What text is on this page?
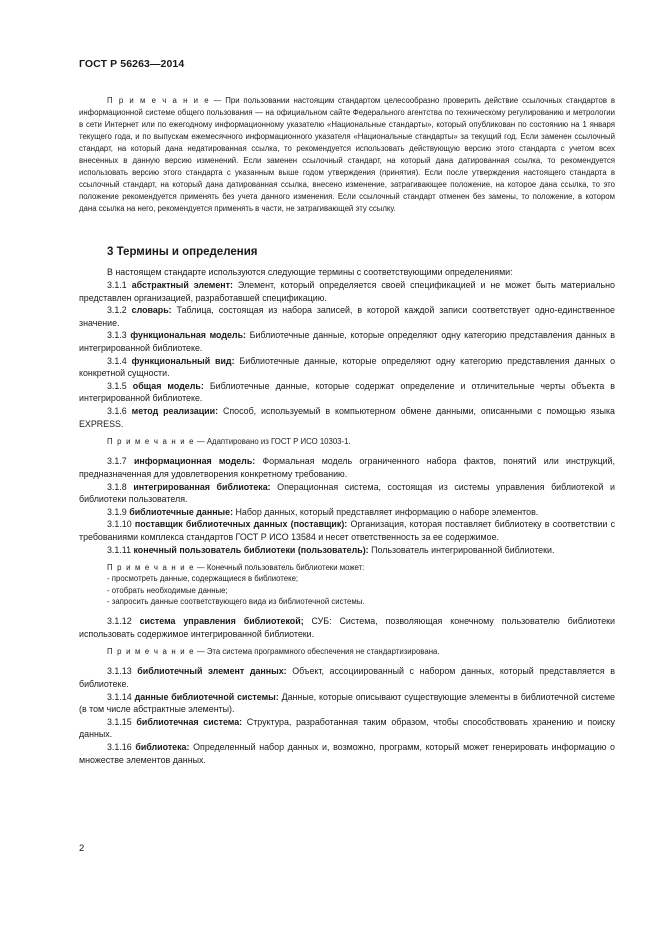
ГОСТ Р 56263—2014

П р и м е ч а н и е — При пользовании настоящим стандартом целесообразно проверить действие ссылочных стандартов в информационной системе общего пользования — на официальном сайте Федерального агентства по техническому регулированию и метрологии в сети Интернет или по ежегодному информационному указателю «Национальные стандарты», который опубликован по состоянию на 1 января текущего года, и по выпускам ежемесячного информационного указателя «Национальные стандарты» за текущий год. Если заменен ссылочный стандарт, на который дана недатированная ссылка, то рекомендуется использовать действующую версию этого стандарта с учетом всех внесенных в данную версию изменений. Если заменен ссылочный стандарт, на который дана датированная ссылка, то рекомендуется использовать версию этого стандарта с указанным выше годом утверждения (принятия). Если после утверждения настоящего стандарта в ссылочный стандарт, на который дана датированная ссылка, внесено изменение, затрагивающее положение, на которое дана ссылка, то это положение рекомендуется применять без учета данного изменения. Если ссылочный стандарт отменен без замены, то положение, в котором дана ссылка на него, рекомендуется применять в части, не затрагивающей эту ссылку.

3 Термины и определения

В настоящем стандарте используются следующие термины с соответствующими определениями:

3.1.1 абстрактный элемент: Элемент, который определяется своей спецификацией и не может быть материально представлен организацией, разработавшей спецификацию.

3.1.2 словарь: Таблица, состоящая из набора записей, в которой каждой записи соответствует одно-единственное значение.

3.1.3 функциональная модель: Библиотечные данные, которые определяют одну категорию представления данных в интегрированной библиотеке.

3.1.4 функциональный вид: Библиотечные данные, которые определяют одну категорию представления данных о конкретной сущности.

3.1.5 общая модель: Библиотечные данные, которые содержат определение и отличительные черты объекта в интегрированной библиотеке.

3.1.6 метод реализации: Способ, используемый в компьютерном обмене данными, описанными с помощью языка EXPRESS.

П р и м е ч а н и е — Адаптировано из ГОСТ Р ИСО 10303-1.

3.1.7 информационная модель: Формальная модель ограниченного набора фактов, понятий или инструкций, предназначенная для удовлетворения конкретному требованию.

3.1.8 интегрированная библиотека: Операционная система, состоящая из системы управления библиотекой и библиотеки пользователя.

3.1.9 библиотечные данные: Набор данных, который представляет информацию о наборе элементов.

3.1.10 поставщик библиотечных данных (поставщик): Организация, которая поставляет библиотеку в соответствии с требованиями комплекса стандартов ГОСТ Р ИСО 13584 и несет ответственность за ее содержимое.

3.1.11 конечный пользователь библиотеки (пользователь): Пользователь интегрированной библиотеки.

П р и м е ч а н и е — Конечный пользователь библиотеки может:

- просмотреть данные, содержащиеся в библиотеке;

- отобрать необходимые данные;

- запросить данные соответствующего вида из библиотечной системы.

3.1.12 система управления библиотекой; СУБ: Система, позволяющая конечному пользователю библиотеки использовать содержимое интегрированной библиотеки.

П р и м е ч а н и е — Эта система программного обеспечения не стандартизирована.

3.1.13 библиотечный элемент данных: Объект, ассоциированный с набором данных, который представляется в библиотеке.

3.1.14 данные библиотечной системы: Данные, которые описывают существующие элементы в библиотечной системе (в том числе абстрактные элементы).

3.1.15 библиотечная система: Структура, разработанная таким образом, чтобы способствовать хранению и поиску данных.

3.1.16 библиотека: Определенный набор данных и, возможно, программ, который может генерировать информацию о множестве элементов данных.

2
